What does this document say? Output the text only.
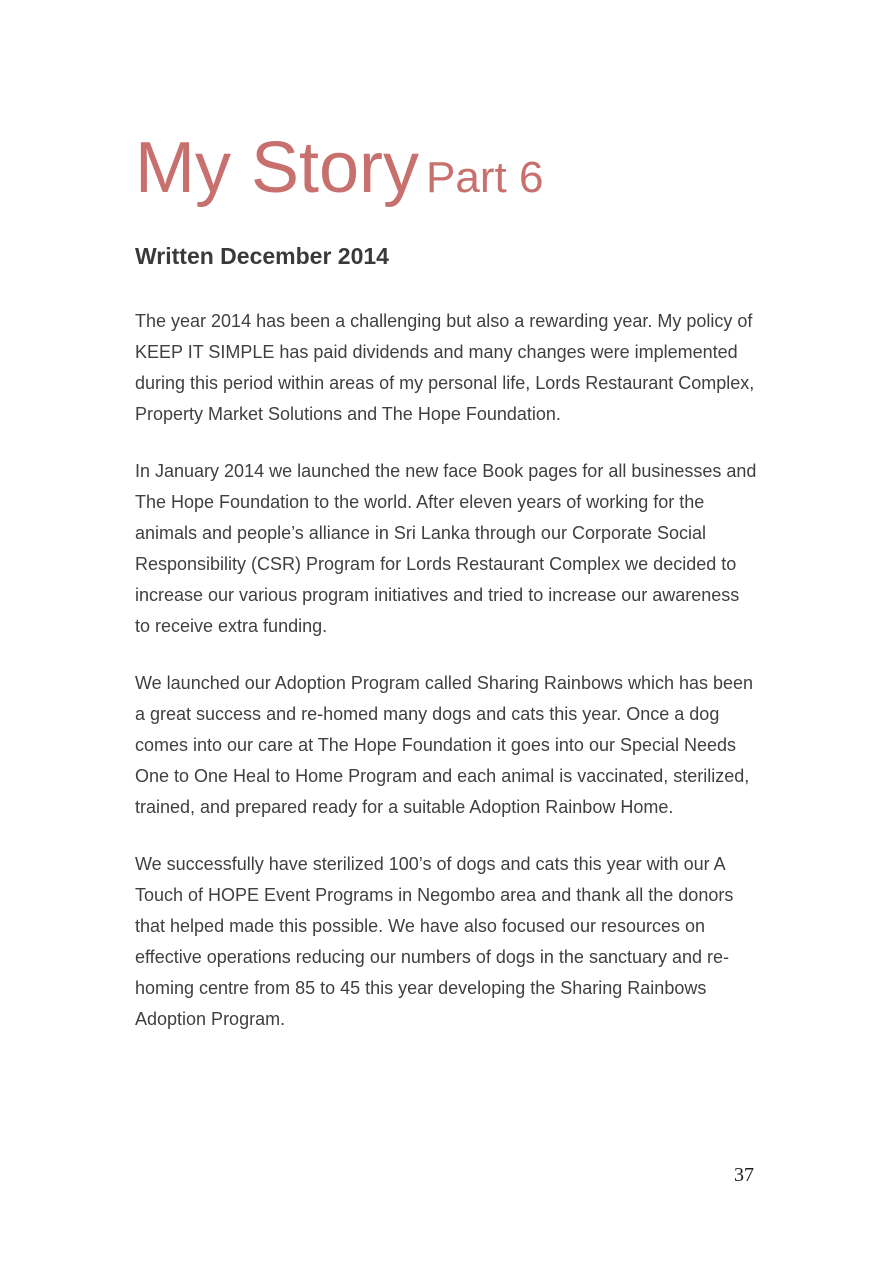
My Story Part 6
Written December 2014

The year 2014 has been a challenging but also a rewarding year. My policy of KEEP IT SIMPLE has paid dividends and many changes were implemented during this period within areas of my personal life, Lords Restaurant Complex, Property Market Solutions and The Hope Foundation.

In January 2014 we launched the new face Book pages for all businesses and The Hope Foundation to the world. After eleven years of working for the animals and people’s alliance in Sri Lanka through our Corporate Social Responsibility (CSR) Program for Lords Restaurant Complex we decided to increase our various program initiatives and tried to increase our awareness to receive extra funding.

We launched our Adoption Program called Sharing Rainbows which has been a great success and re-homed many dogs and cats this year. Once a dog comes into our care at The Hope Foundation it goes into our Special Needs One to One Heal to Home Program and each animal is vaccinated, sterilized, trained, and prepared ready for a suitable Adoption Rainbow Home.

We successfully have sterilized 100’s of dogs and cats this year with our A Touch of HOPE Event Programs in Negombo area and thank all the donors that helped made this possible. We have also focused our resources on effective operations reducing our numbers of dogs in the sanctuary and re-homing centre from 85 to 45 this year developing the Sharing Rainbows Adoption Program.

37
